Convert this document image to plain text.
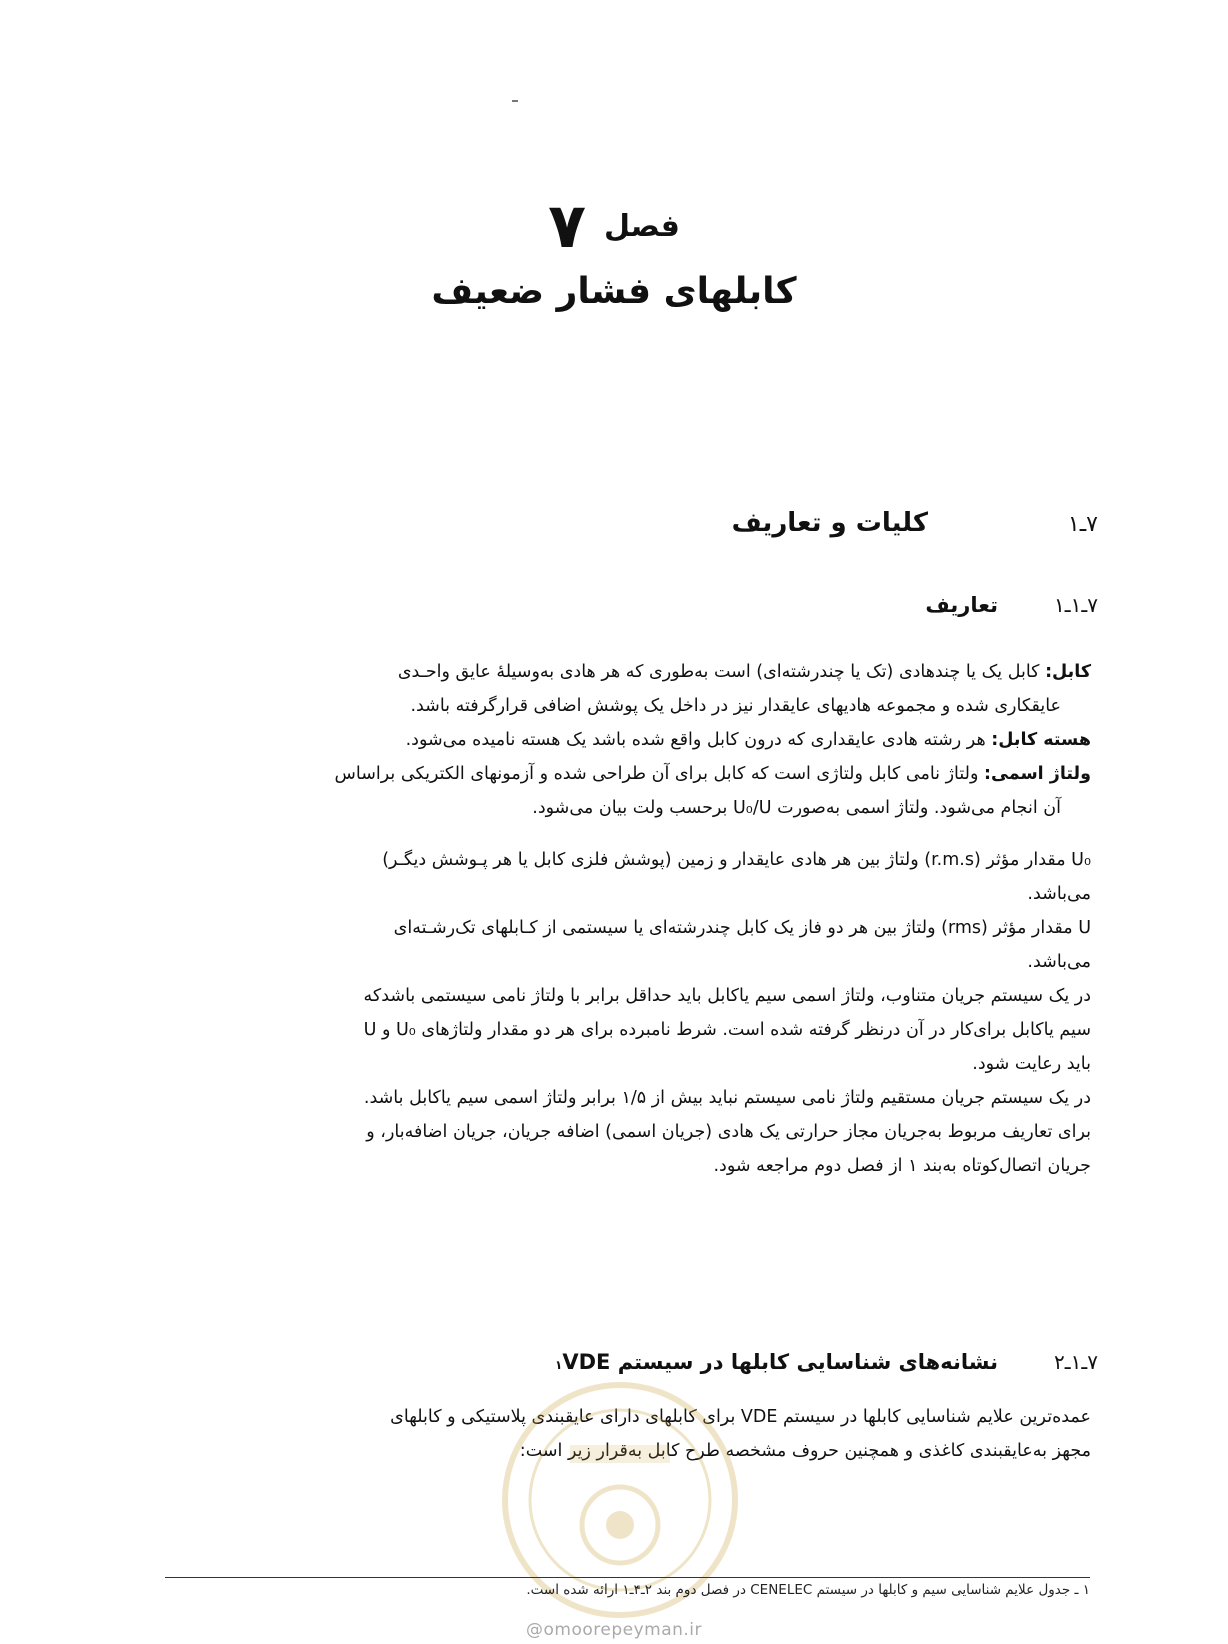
فصل
۷
کابلهای فشار ضعیف
۷ـ۱
کلیات و تعاریف
۷ـ۱ـ۱
تعاریف

کابل: کابل یک یا چندهادی (تک یا چندرشته‌ای) است به‌طوری که هر هادی به‌وسیلهٔ عایق واحـدی

عایقکاری شده و مجموعه هادیهای عایقدار نیز در داخل یک پوشش اضافی قرارگرفته باشد.

هسته کابل: هر رشته هادی عایقداری که درون کابل واقع شده باشد یک هسته نامیده می‌شود.

ولتاژ اسمی: ولتاژ نامی کابل ولتاژی است که کابل برای آن طراحی شده و آزمونهای الکتریکی براساس

آن انجام می‌شود. ولتاژ اسمی به‌صورت U₀/U برحسب ولت بیان می‌شود.

U₀ مقدار مؤثر (r.m.s) ولتاژ بین هر هادی عایقدار و زمین (پوشش فلزی کابل یا هر پـوشش دیگـر)

می‌باشد.

U مقدار مؤثر (rms) ولتاژ بین هر دو فاز یک کابل چندرشته‌ای یا سیستمی از کـابلهای تک‌رشـته‌ای

می‌باشد.

در یک سیستم جریان متناوب، ولتاژ اسمی سیم یاکابل باید حداقل برابر با ولتاژ نامی سیستمی باشدکه

سیم یاکابل برای‌کار در آن درنظر گرفته شده است. شرط نامبرده برای هر دو مقدار ولتاژهای U₀ و U

باید رعایت شود.

در یک سیستم جریان مستقیم ولتاژ نامی سیستم نباید بیش از ۱/۵ برابر ولتاژ اسمی سیم یاکابل باشد.

برای تعاریف مربوط به‌جریان مجاز حرارتی یک هادی (جریان اسمی) اضافه جریان، جریان اضافه‌بار، و

جریان اتصال‌کوتاه به‌بند ۱ از فصل دوم مراجعه شود.

۷ـ۱ـ۲
نشانه‌های شناسایی کابلها در سیستم VDE
۱

عمده‌ترین علایم شناسایی کابلها در سیستم VDE برای کابلهای دارای عایقبندی پلاستیکی و کابلهای

مجهز به‌عایقبندی کاغذی و همچنین حروف مشخصه طرح کابل به‌قرار زیر است:

۱ ـ جدول علایم شناسایی سیم و کابلها در سیستم CENELEC در فصل دوم بند ۲ـ۴ـ۱ ارائه شده است.
@omoorepeyman.ir
